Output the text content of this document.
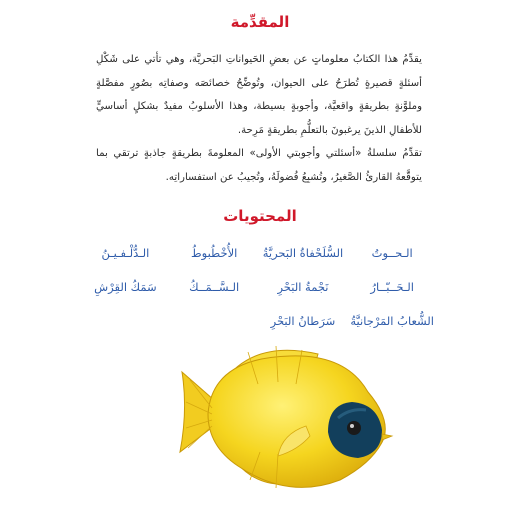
المقدِّمة

يقدِّمُ هذا الكتابُ معلوماتٍ عن بعضِ الحَيواناتِ البَحريَّة، وهي تأتي على شَكْلِ أسئلةٍ قصيرةٍ تُطرَحُ على الحيوان، وتُوضِّحُ خصائصَه وصفاتِه بصُورٍ مفصَّلةٍ وملوَّنةٍ بطريقةٍ واقعيَّة، وأجوبةٍ بسيطة، وهذا الأسلوبُ مفيدٌ بشكلٍ أساسيٍّ للأطفالِ الذينَ يرغبونَ بالتعلُّمِ بطريقةٍ مَرِحة.

تقدِّمُ سلسلةُ «أسئلتي وأجوبتي الأولى» المعلومةَ بطريقةٍ جاذبةٍ ترتقي بما يتوقَّعهُ القارئُ الصَّغيرُ، وتُشبِعُ فُضولَهُ، وتُجيبُ عن استفساراتِه.

المحتويات
الـحــوتُ
السُّلَحْفاةُ البَحريَّةُ
الأُخْطُبوطُ
الـدُّلْـفـيـنُ
الـحَــبّــارُ
نَجْمةُ البَحْرِ
الـسَّــمَــكُ
سَمَكُ القِرْشِ
الشُّعابُ المَرْجانيَّةُ
سَرَطانُ البَحْرِ
